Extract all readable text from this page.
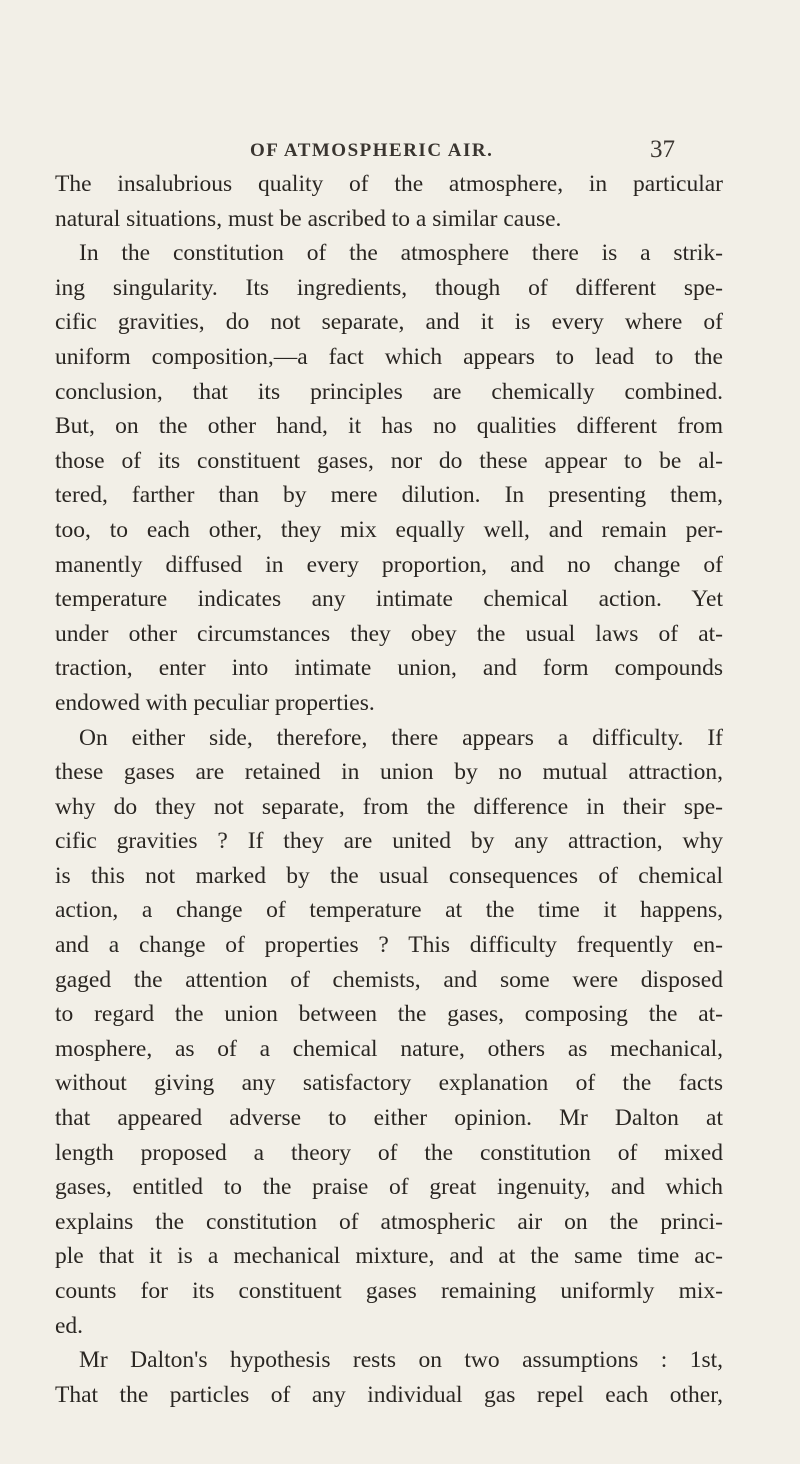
OF ATMOSPHERIC AIR.	37
The insalubrious quality of the atmosphere, in particular
natural situations, must be ascribed to a similar cause.
In the constitution of the atmosphere there is a strik-
ing singularity. Its ingredients, though of different spe-
cific gravities, do not separate, and it is every where of
uniform composition,—a fact which appears to lead to the
conclusion, that its principles are chemically combined.
But, on the other hand, it has no qualities different from
those of its constituent gases, nor do these appear to be al-
tered, farther than by mere dilution. In presenting them,
too, to each other, they mix equally well, and remain per-
manently diffused in every proportion, and no change of
temperature indicates any intimate chemical action. Yet
under other circumstances they obey the usual laws of at-
traction, enter into intimate union, and form compounds
endowed with peculiar properties.
On either side, therefore, there appears a difficulty. If
these gases are retained in union by no mutual attraction,
why do they not separate, from the difference in their spe-
cific gravities ? If they are united by any attraction, why
is this not marked by the usual consequences of chemical
action, a change of temperature at the time it happens,
and a change of properties ? This difficulty frequently en-
gaged the attention of chemists, and some were disposed
to regard the union between the gases, composing the at-
mosphere, as of a chemical nature, others as mechanical,
without giving any satisfactory explanation of the facts
that appeared adverse to either opinion. Mr Dalton at
length proposed a theory of the constitution of mixed
gases, entitled to the praise of great ingenuity, and which
explains the constitution of atmospheric air on the princi-
ple that it is a mechanical mixture, and at the same time ac-
counts for its constituent gases remaining uniformly mix-
ed.
Mr Dalton's hypothesis rests on two assumptions : 1st,
That the particles of any individual gas repel each other,
